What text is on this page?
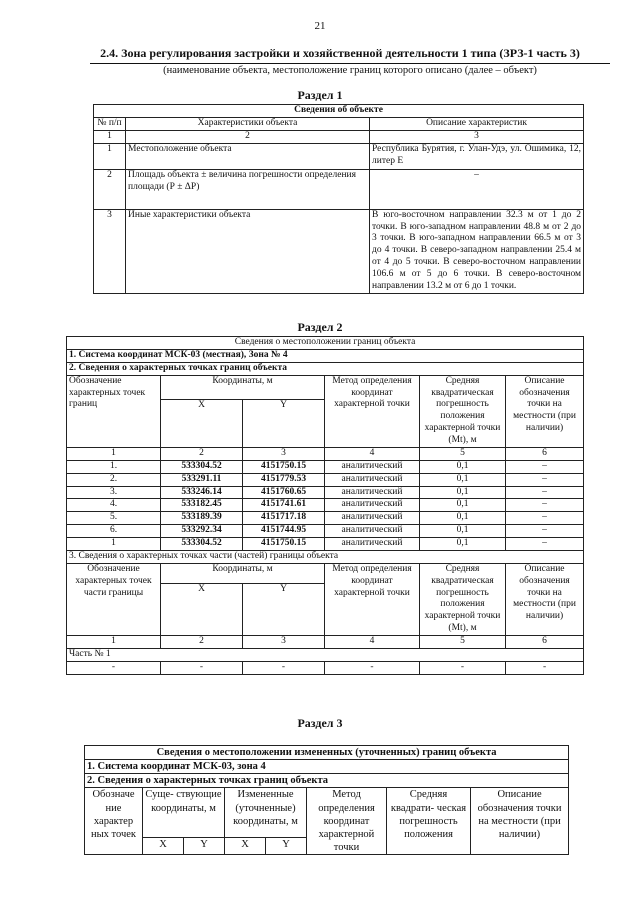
21
2.4. Зона регулирования застройки и хозяйственной деятельности 1 типа (ЗРЗ-1 часть 3)
(наименование объекта, местоположение границ которого описано (далее – объект)
Раздел 1
Сведения об объекте		
№ п/п	Характеристики объекта	Описание характеристик
1	2	3
1	Местоположение объекта	Республика Бурятия, г. Улан-Удэ, ул. Ошимика, 12, литер Е
2	Площадь объекта ± величина погрешности определения площади (Р ± ΔР)	–
3	Иные характеристики объекта	В юго-восточном направлении 32.3 м от 1 до 2 точки. В юго-западном направлении 48.8 м от 2 до 3 точки. В юго-западном направлении 66.5 м от 3 до 4 точки. В северо-западном направлении 25.4 м от 4 до 5 точки. В северо-восточном направлении 106.6 м от 5 до 6 точки. В северо-восточном направлении 13.2 м от 6 до 1 точки.
Раздел 2
Сведения о местоположении границ объекта					
1. Система координат МСК-03 (местная), Зона № 4					
2. Сведения о характерных точках границ объекта					
Обозначение характерных точек границ	Координаты, м		Метод определения координат характерной точки	Средняя квадратическая погрешность положения характерной точки (Mt), м	Описание обозначения точки на местности (при наличии)
	X	Y			
1	2	3	4	5	6
1.	533304.52	4151750.15	аналитический	0,1	–
2.	533291.11	4151779.53	аналитический	0,1	–
3.	533246.14	4151760.65	аналитический	0,1	–
4.	533182.45	4151741.61	аналитический	0,1	–
5.	533189.39	4151717.18	аналитический	0,1	–
6.	533292.34	4151744.95	аналитический	0,1	–
1	533304.52	4151750.15	аналитический	0,1	–
3. Сведения о характерных точках части (частей) границы объекта					
Обозначение характерных точек части границы	Координаты, м		Метод определения координат характерной точки	Средняя квадратическая погрешность положения характерной точки (Mt), м	Описание обозначения точки на местности (при наличии)
	X	Y			
1	2	3	4	5	6
Часть № 1					
-	-	-	-	-	-
Раздел 3
Сведения о местоположении измененных (уточненных) границ объекта							
1. Система координат МСК-03, зона 4							
2. Сведения о характерных точках границ объекта							
Обозначе ние характер ных точек	Суще- ствующие координаты, м		Измененные (уточненные) координаты, м		Метод определения координат характерной точки	Средняя квадрати- ческая погрешность положения	Описание обозначения точки на местности (при наличии)
	X	Y	X	Y			
